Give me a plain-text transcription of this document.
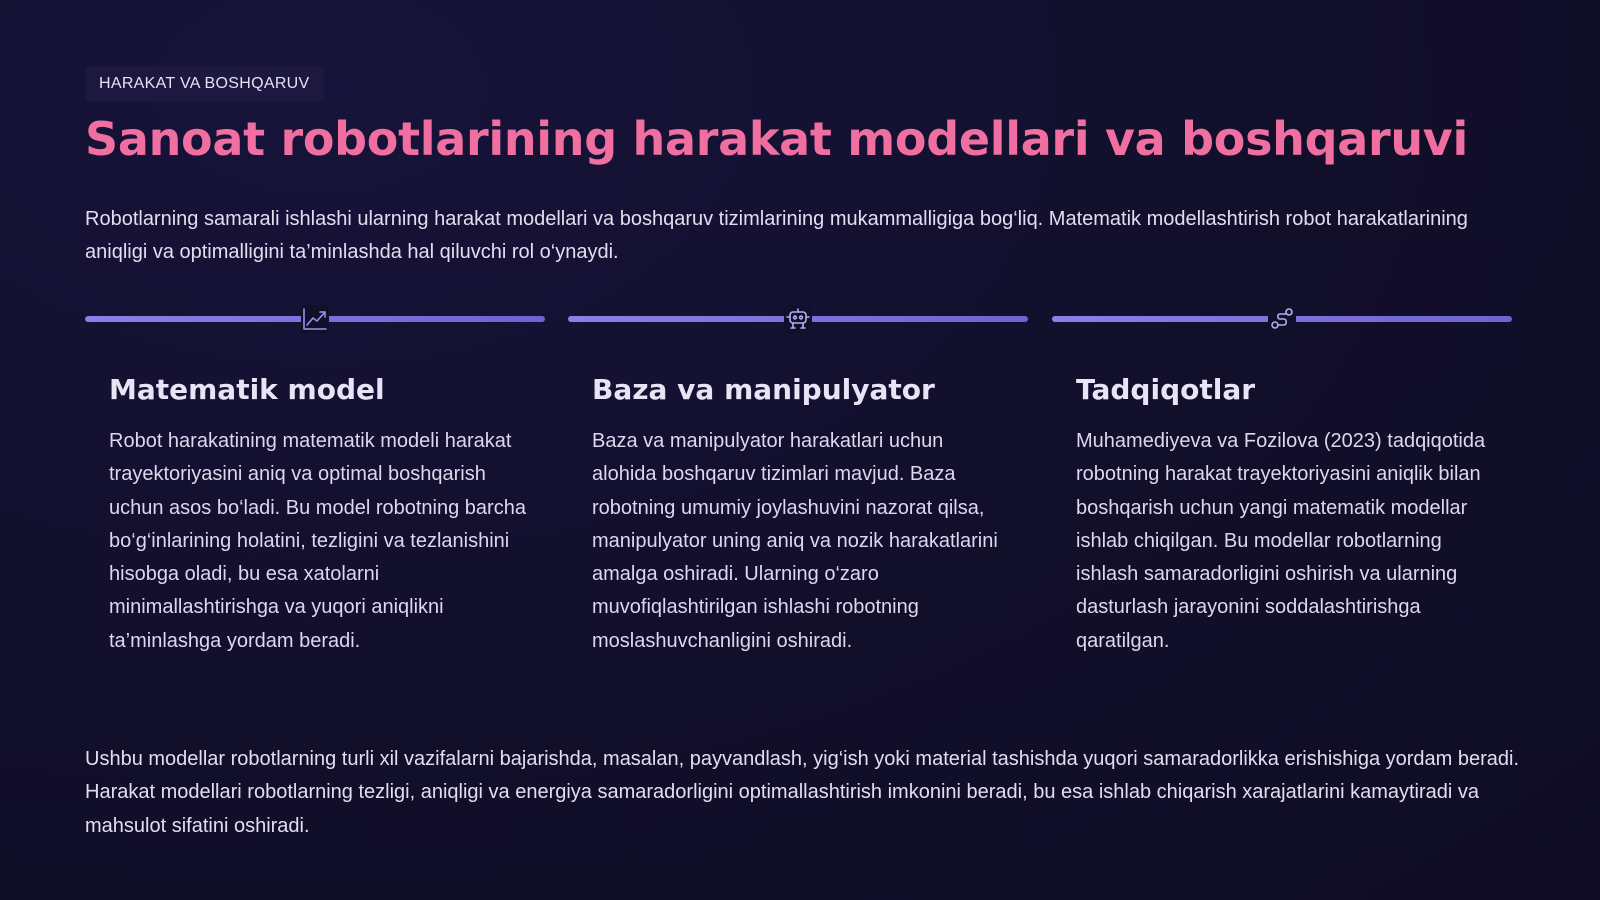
HARAKAT VA BOSHQARUV
Sanoat robotlarining harakat modellari va boshqaruvi

Robotlarning samarali ishlashi ularning harakat modellari va boshqaruv tizimlarining mukammalligiga bog‘liq. Matematik modellashtirish robot harakatlarining aniqligi va optimalligini ta’minlashda hal qiluvchi rol o‘ynaydi.

Matematik model

Robot harakatining matematik modeli harakat trayektoriyasini aniq va optimal boshqarish uchun asos bo‘ladi. Bu model robotning barcha bo‘g‘inlarining holatini, tezligini va tezlanishini hisobga oladi, bu esa xatolarni minimallashtirishga va yuqori aniqlikni ta’minlashga yordam beradi.

Baza va manipulyator

Baza va manipulyator harakatlari uchun alohida boshqaruv tizimlari mavjud. Baza robotning umumiy joylashuvini nazorat qilsa, manipulyator uning aniq va nozik harakatlarini amalga oshiradi. Ularning o‘zaro muvofiqlashtirilgan ishlashi robotning moslashuvchanligini oshiradi.

Tadqiqotlar

Muhamediyeva va Fozilova (2023) tadqiqotida robotning harakat trayektoriyasini aniqlik bilan boshqarish uchun yangi matematik modellar ishlab chiqilgan. Bu modellar robotlarning ishlash samaradorligini oshirish va ularning dasturlash jarayonini soddalashtirishga qaratilgan.

Ushbu modellar robotlarning turli xil vazifalarni bajarishda, masalan, payvandlash, yig‘ish yoki material tashishda yuqori samaradorlikka erishishiga yordam beradi. Harakat modellari robotlarning tezligi, aniqligi va energiya samaradorligini optimallashtirish imkonini beradi, bu esa ishlab chiqarish xarajatlarini kamaytiradi va mahsulot sifatini oshiradi.
